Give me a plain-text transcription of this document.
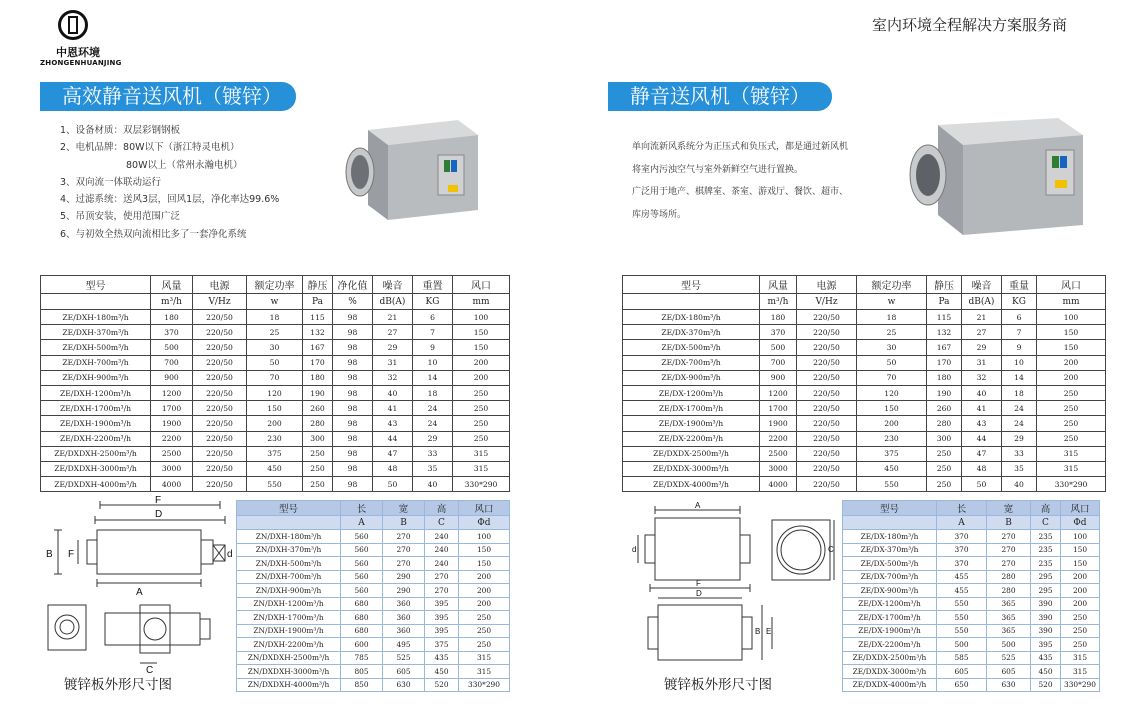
中恩环境
ZHONGENHUANJING
室内环境全程解决方案服务商
高效静音送风机（镀锌）	静音送风机（镀锌）
1、设备材质：双层彩钢钢板
2、电机品牌：80W以下（浙江特灵电机）
80W以上（常州永瀚电机）
3、双向流一体联动运行
4、过滤系统：送风3层，回风1层，净化率达99.6%
5、吊顶安装，使用范围广泛
6、与初效全热双向流相比多了一套净化系统
单向流新风系统分为正压式和负压式，都是通过新风机
将室内污浊空气与室外新鲜空气进行置换。
广泛用于地产、棋牌室、茶室、游戏厅、餐饮、超市、
库房等场所。
型号	风量	电源	额定功率	静压	净化值	噪音	重置	风口
	m³/h	V/Hz	w	Pa	%	dB(A)	KG	mm
ZE/DXH-180m³/h	180	220/50	18	115	98	21	6	100
ZE/DXH-370m³/h	370	220/50	25	132	98	27	7	150
ZE/DXH-500m³/h	500	220/50	30	167	98	29	9	150
ZE/DXH-700m³/h	700	220/50	50	170	98	31	10	200
ZE/DXH-900m³/h	900	220/50	70	180	98	32	14	200
ZE/DXH-1200m³/h	1200	220/50	120	190	98	40	18	250
ZE/DXH-1700m³/h	1700	220/50	150	260	98	41	24	250
ZE/DXH-1900m³/h	1900	220/50	200	280	98	43	24	250
ZE/DXH-2200m³/h	2200	220/50	230	300	98	44	29	250
ZE/DXDXH-2500m³/h	2500	220/50	375	250	98	47	33	315
ZE/DXDXH-3000m³/h	3000	220/50	450	250	98	48	35	315
ZE/DXDXH-4000m³/h	4000	220/50	550	250	98	50	40	330*290
型号	风量	电源	额定功率	静压	噪音	重量	风口
	m³/h	V/Hz	w	Pa	dB(A)	KG	mm
ZE/DX-180m³/h	180	220/50	18	115	21	6	100
ZE/DX-370m³/h	370	220/50	25	132	27	7	150
ZE/DX-500m³/h	500	220/50	30	167	29	9	150
ZE/DX-700m³/h	700	220/50	50	170	31	10	200
ZE/DX-900m³/h	900	220/50	70	180	32	14	200
ZE/DX-1200m³/h	1200	220/50	120	190	40	18	250
ZE/DX-1700m³/h	1700	220/50	150	260	41	24	250
ZE/DX-1900m³/h	1900	220/50	200	280	43	24	250
ZE/DX-2200m³/h	2200	220/50	230	300	44	29	250
ZE/DXDX-2500m³/h	2500	220/50	375	250	47	33	315
ZE/DXDX-3000m³/h	3000	220/50	450	250	48	35	315
ZE/DXDX-4000m³/h	4000	220/50	550	250	50	40	330*290
型号	长	宽	高	风口
	A	B	C	Φd
ZN/DXH-180m³/h	560	270	240	100
ZN/DXH-370m³/h	560	270	240	150
ZN/DXH-500m³/h	560	270	240	150
ZN/DXH-700m³/h	560	290	270	200
ZN/DXH-900m³/h	560	290	270	200
ZN/DXH-1200m³/h	680	360	395	200
ZN/DXH-1700m³/h	680	360	395	250
ZN/DXH-1900m³/h	680	360	395	250
ZN/DXH-2200m³/h	600	495	375	250
ZN/DXDXH-2500m³/h	785	525	435	315
ZN/DXDXH-3000m³/h	805	605	450	315
ZN/DXDXH-4000m³/h	850	630	520	330*290
型号	长	宽	高	风口
	A	B	C	Φd
ZE/DX-180m³/h	370	270	235	100
ZE/DX-370m³/h	370	270	235	150
ZE/DX-500m³/h	370	270	235	150
ZE/DX-700m³/h	455	280	295	200
ZE/DX-900m³/h	455	280	295	200
ZE/DX-1200m³/h	550	365	390	200
ZE/DX-1700m³/h	550	365	390	250
ZE/DX-1900m³/h	550	365	390	250
ZE/DX-2200m³/h	500	500	395	250
ZE/DXDX-2500m³/h	585	525	435	315
ZE/DXDX-3000m³/h	605	605	450	315
ZE/DXDX-4000m³/h	650	630	520	330*290
F
D
B F
A
d
C
镀锌板外形尺寸图
A
d	C
F
D
B E
镀锌板外形尺寸图
